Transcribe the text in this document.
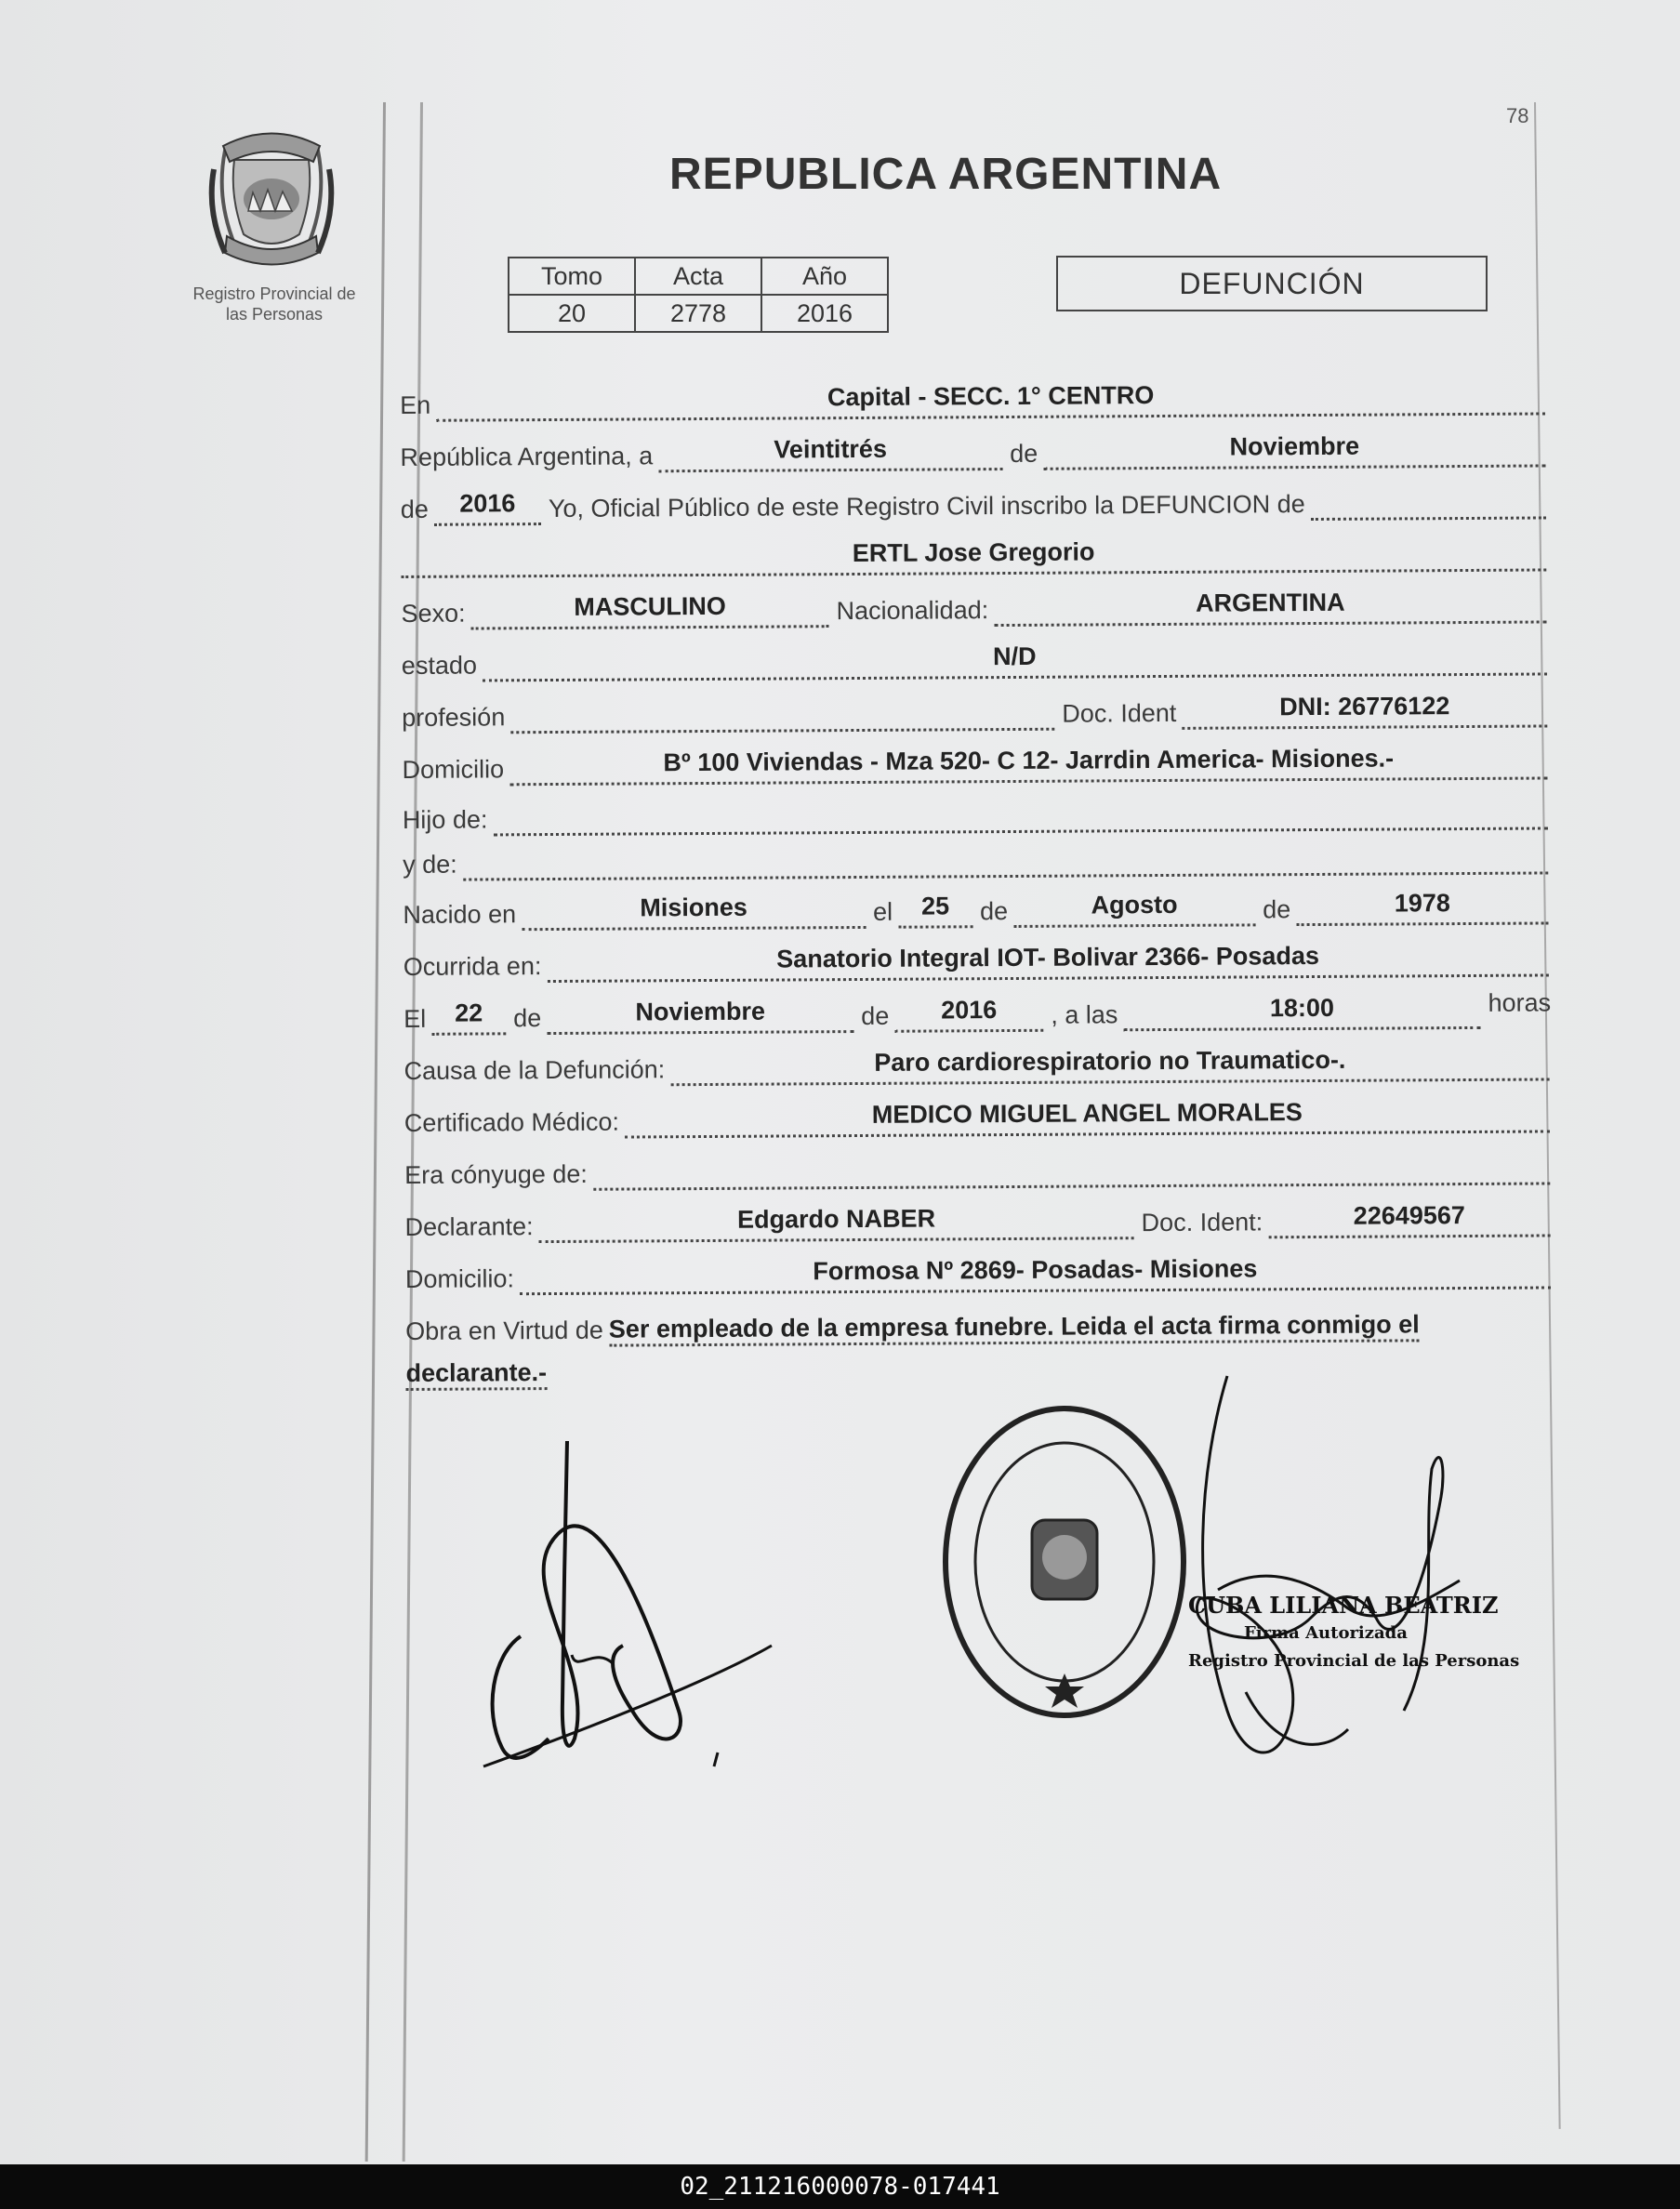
Registro Provincial de
las Personas
78
REPUBLICA ARGENTINA
Tomo	Acta	Año
20	2778	2016
DEFUNCIÓN
En	Capital - SECC. 1° CENTRO
República Argentina, a	Veintitrés	de	Noviembre
de	2016	Yo, Oficial Público de este Registro Civil inscribo la DEFUNCION de
ERTL Jose Gregorio
Sexo:	MASCULINO	Nacionalidad:	ARGENTINA
estado	N/D
profesión	Doc. Ident	DNI: 26776122
Domicilio	Bº 100 Viviendas - Mza 520- C 12- Jarrdin America- Misiones.-
Hijo de:
y de:
Nacido en	Misiones	el	25	de	Agosto	de	1978
Ocurrida en:	Sanatorio Integral IOT- Bolivar 2366- Posadas
El	22	de	Noviembre	de	2016	, a las	18:00	horas
Causa de la Defunción:	Paro cardiorespiratorio no Traumatico-.
Certificado Médico:	MEDICO MIGUEL ANGEL MORALES
Era cónyuge de:
Declarante:	Edgardo NABER	Doc. Ident:	22649567
Domicilio:	Formosa Nº 2869- Posadas- Misiones
Obra en Virtud de Ser empleado de la empresa funebre. Leida el acta firma conmigo el
declarante.-
CUBA LILIANA BEATRIZ
Firma Autorizada
Registro Provincial de las Personas
02_211216000078-017441
